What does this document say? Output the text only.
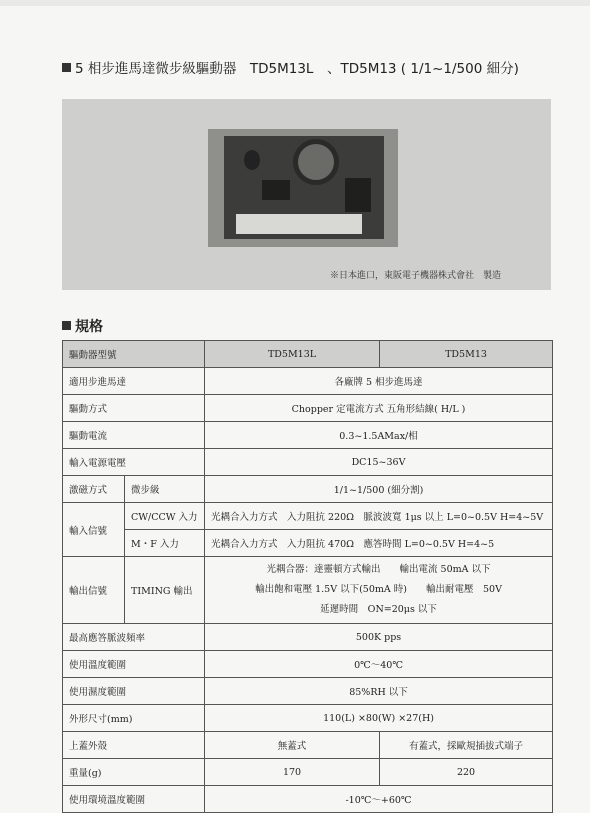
5 相步進馬達微步級驅動器　TD5M13L　、TD5M13 ( 1/1~1/500 細分)
※日本進口，東阪電子機器株式會社　製造
規格
驅動器型號		TD5M13L	TD5M13
適用步進馬達		各廠牌 5 相步進馬達	
驅動方式		Chopper 定電流方式 五角形結線( H/L )	
驅動電流		0.3~1.5AMax/相	
輸入電源電壓		DC15~36V	
激磁方式	微步級	1/1~1/500 (細分割)	
輸入信號	CW/CCW 入力	光耦合入力方式　入力阻抗 220Ω　脈波波寬 1μs 以上 L=0~0.5V H=4~5V	
	M・F 入力	光耦合入力方式　入力阻抗 470Ω　應答時間 L=0~0.5V H=4~5	
輸出信號	TIMING 輸出	光耦合器：達靈頓方式輸出　　輸出電流 50mA 以下
輸出飽和電壓 1.5V 以下(50mA 時)　　輸出耐電壓　50V
延遲時間　ON=20μs 以下	

最高應答脈波頻率		500K pps	
使用溫度範圍		0℃～40℃	
使用濕度範圍		85%RH 以下	
外形尺寸(mm)		110(L) ×80(W) ×27(H)	
上蓋外殼		無蓋式	有蓋式，採歐規插拔式端子
重量(g)		170	220
使用環境溫度範圍		-10℃～+60℃	
